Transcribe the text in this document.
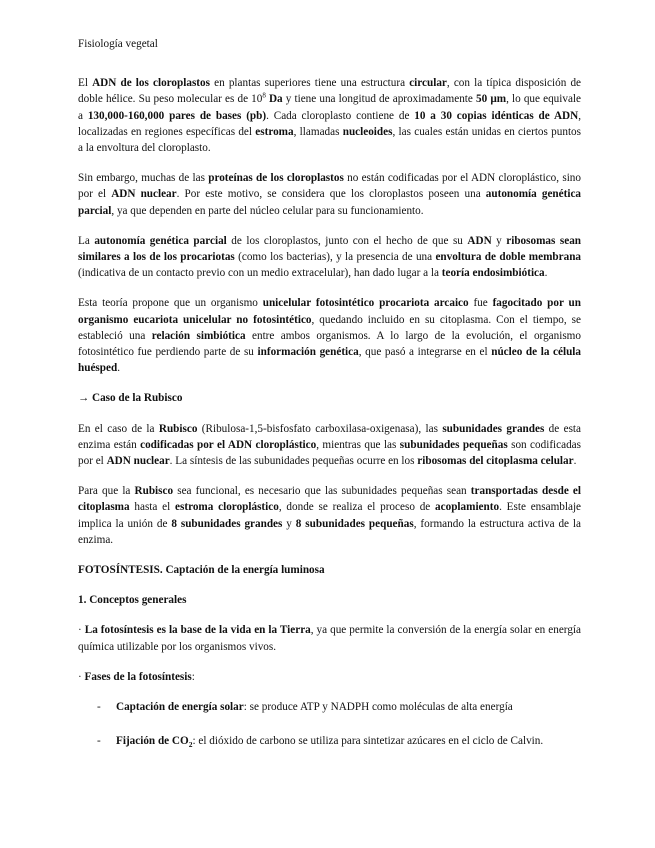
Fisiología vegetal

El ADN de los cloroplastos en plantas superiores tiene una estructura circular, con la típica disposición de doble hélice. Su peso molecular es de $10^8$ Da y tiene una longitud de aproximadamente 50 µm, lo que equivale a 130,000-160,000 pares de bases (pb). Cada cloroplasto contiene de 10 a 30 copias idénticas de ADN, localizadas en regiones específicas del estroma, llamadas nucleoides, las cuales están unidas en ciertos puntos a la envoltura del cloroplasto.

Sin embargo, muchas de las proteínas de los cloroplastos no están codificadas por el ADN cloroplástico, sino por el ADN nuclear. Por este motivo, se considera que los cloroplastos poseen una autonomía genética parcial, ya que dependen en parte del núcleo celular para su funcionamiento.

La autonomía genética parcial de los cloroplastos, junto con el hecho de que su ADN y ribosomas sean similares a los de los procariotas (como los bacterias), y la presencia de una envoltura de doble membrana (indicativa de un contacto previo con un medio extracelular), han dado lugar a la teoría endosimbiótica.

Esta teoría propone que un organismo unicelular fotosintético procariota arcaico fue fagocitado por un organismo eucariota unicelular no fotosintético, quedando incluido en su citoplasma. Con el tiempo, se estableció una relación simbiótica entre ambos organismos. A lo largo de la evolución, el organismo fotosintético fue perdiendo parte de su información genética, que pasó a integrarse en el núcleo de la célula huésped.

→ Caso de la Rubisco

En el caso de la Rubisco (Ribulosa-1,5-bisfosfato carboxilasa-oxigenasa), las subunidades grandes de esta enzima están codificadas por el ADN cloroplástico, mientras que las subunidades pequeñas son codificadas por el ADN nuclear. La síntesis de las subunidades pequeñas ocurre en los ribosomas del citoplasma celular.

Para que la Rubisco sea funcional, es necesario que las subunidades pequeñas sean transportadas desde el citoplasma hasta el estroma cloroplástico, donde se realiza el proceso de acoplamiento. Este ensamblaje implica la unión de 8 subunidades grandes y 8 subunidades pequeñas, formando la estructura activa de la enzima.

FOTOSÍNTESIS. Captación de la energía luminosa
1. Conceptos generales

· La fotosíntesis es la base de la vida en la Tierra, ya que permite la conversión de la energía solar en energía química utilizable por los organismos vivos.

· Fases de la fotosíntesis:

- Captación de energía solar: se produce ATP y NADPH como moléculas de alta energía
- Fijación de $CO_2$: el dióxido de carbono se utiliza para sintetizar azúcares en el ciclo de Calvin.
